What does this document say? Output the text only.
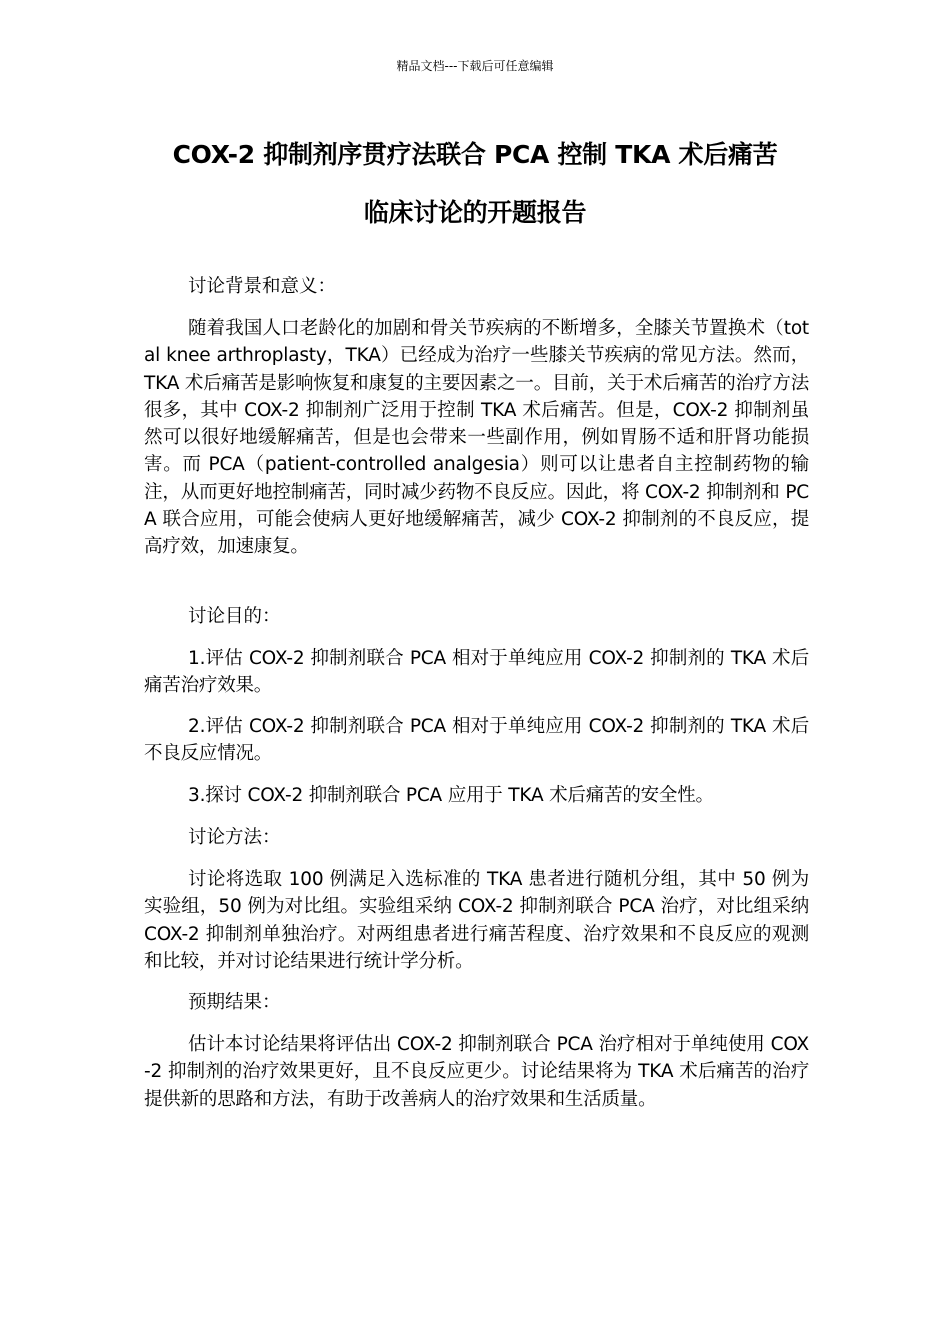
精品文档---下载后可任意编辑
COX-2 抑制剂序贯疗法联合 PCA 控制 TKA 术后痛苦
临床讨论的开题报告
讨论背景和意义：
随着我国人口老龄化的加剧和骨关节疾病的不断增多，全膝关节置换术（total knee arthroplasty，TKA）已经成为治疗一些膝关节疾病的常见方法。然而，TKA 术后痛苦是影响恢复和康复的主要因素之一。目前，关于术后痛苦的治疗方法很多，其中 COX-2 抑制剂广泛用于控制 TKA 术后痛苦。但是，COX-2 抑制剂虽然可以很好地缓解痛苦，但是也会带来一些副作用，例如胃肠不适和肝肾功能损害。而 PCA（patient-controlled analgesia）则可以让患者自主控制药物的输注，从而更好地控制痛苦，同时减少药物不良反应。因此，将 COX-2 抑制剂和 PCA 联合应用，可能会使病人更好地缓解痛苦，减少 COX-2 抑制剂的不良反应，提高疗效，加速康复。
讨论目的：
1.评估 COX-2 抑制剂联合 PCA 相对于单纯应用 COX-2 抑制剂的 TKA 术后痛苦治疗效果。
2.评估 COX-2 抑制剂联合 PCA 相对于单纯应用 COX-2 抑制剂的 TKA 术后不良反应情况。
3.探讨 COX-2 抑制剂联合 PCA 应用于 TKA 术后痛苦的安全性。
讨论方法：
讨论将选取 100 例满足入选标准的 TKA 患者进行随机分组，其中 50 例为实验组，50 例为对比组。实验组采纳 COX-2 抑制剂联合 PCA 治疗，对比组采纳 COX-2 抑制剂单独治疗。对两组患者进行痛苦程度、治疗效果和不良反应的观测和比较，并对讨论结果进行统计学分析。
预期结果：
估计本讨论结果将评估出 COX-2 抑制剂联合 PCA 治疗相对于单纯使用 COX-2 抑制剂的治疗效果更好，且不良反应更少。讨论结果将为 TKA 术后痛苦的治疗提供新的思路和方法，有助于改善病人的治疗效果和生活质量。
